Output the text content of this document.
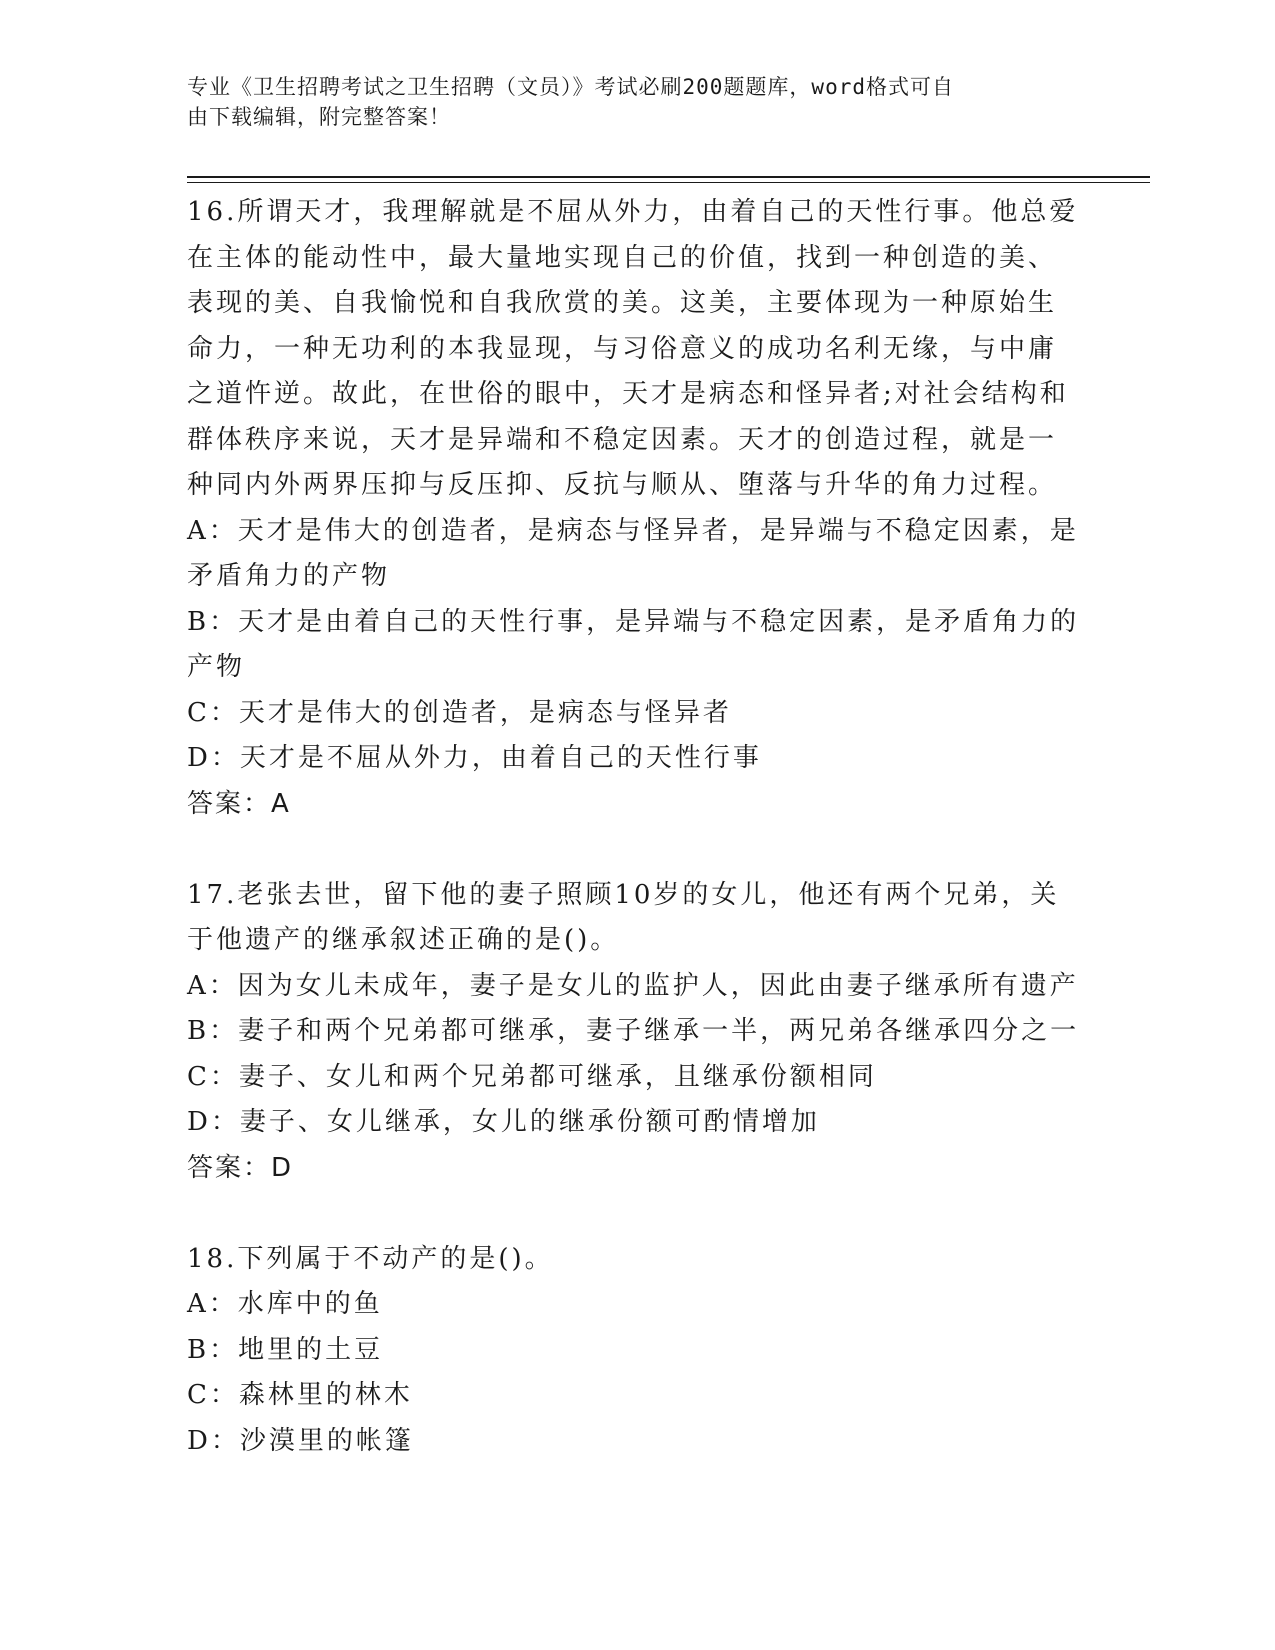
专业《卫生招聘考试之卫生招聘（文员）》考试必刷200题题库，word格式可自
由下载编辑，附完整答案！
16.所谓天才，我理解就是不屈从外力，由着自己的天性行事。他总爱
在主体的能动性中，最大量地实现自己的价值，找到一种创造的美、
表现的美、自我愉悦和自我欣赏的美。这美，主要体现为一种原始生
命力，一种无功利的本我显现，与习俗意义的成功名利无缘，与中庸
之道忤逆。故此，在世俗的眼中，天才是病态和怪异者;对社会结构和
群体秩序来说，天才是异端和不稳定因素。天才的创造过程，就是一
种同内外两界压抑与反压抑、反抗与顺从、堕落与升华的角力过程。
A：天才是伟大的创造者，是病态与怪异者，是异端与不稳定因素，是
矛盾角力的产物
B：天才是由着自己的天性行事，是异端与不稳定因素，是矛盾角力的
产物
C：天才是伟大的创造者，是病态与怪异者
D：天才是不屈从外力，由着自己的天性行事
答案：A
17.老张去世，留下他的妻子照顾10岁的女儿，他还有两个兄弟，关
于他遗产的继承叙述正确的是()。
A：因为女儿未成年，妻子是女儿的监护人，因此由妻子继承所有遗产
B：妻子和两个兄弟都可继承，妻子继承一半，两兄弟各继承四分之一
C：妻子、女儿和两个兄弟都可继承，且继承份额相同
D：妻子、女儿继承，女儿的继承份额可酌情增加
答案：D
18.下列属于不动产的是()。
A：水库中的鱼
B：地里的土豆
C：森林里的林木
D：沙漠里的帐篷
